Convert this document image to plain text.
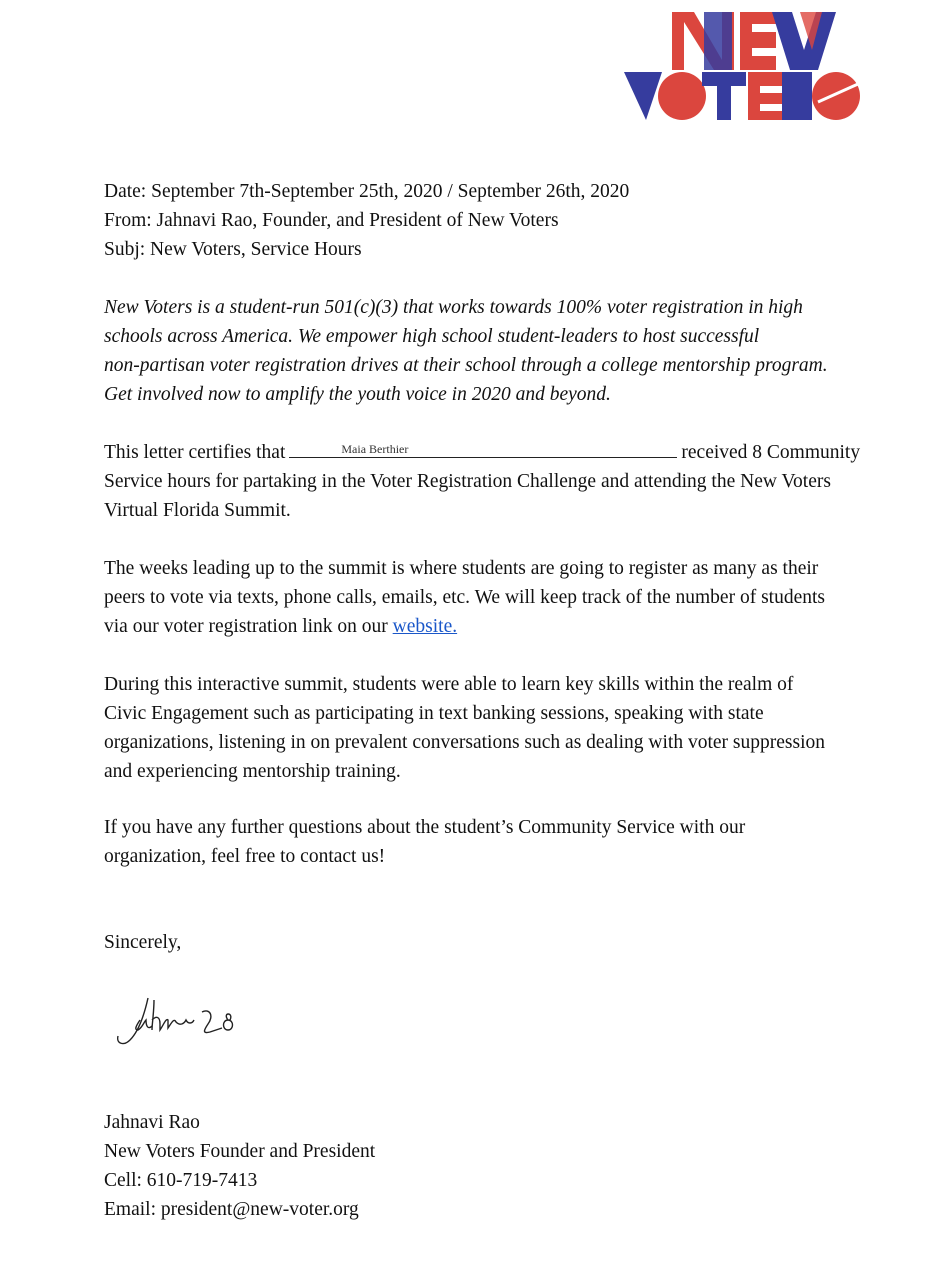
Date: September 7th-September 25th, 2020 / September 26th, 2020
From: Jahnavi Rao, Founder, and President of New Voters
Subj: New Voters, Service Hours
New Voters is a student-run 501(c)(3) that works towards 100% voter registration in high
schools across America. We empower high school student-leaders to host successful
non-partisan voter registration drives at their school through a college mentorship program.
Get involved now to amplify the youth voice in 2020 and beyond.
This letter certifies that	Maia Berthier	received 8 Community
Service hours for partaking in the Voter Registration Challenge and attending the New Voters
Virtual Florida Summit.
The weeks leading up to the summit is where students are going to register as many as their
peers to vote via texts, phone calls, emails, etc. We will keep track of the number of students
via our voter registration link on our website.
During this interactive summit, students were able to learn key skills within the realm of
Civic Engagement such as participating in text banking sessions, speaking with state
organizations, listening in on prevalent conversations such as dealing with voter suppression
and experiencing mentorship training.
If you have any further questions about the student’s Community Service with our
organization, feel free to contact us!
Sincerely,
Jahnavi Rao
New Voters Founder and President
Cell: 610-719-7413
Email: president@new-voter.org
